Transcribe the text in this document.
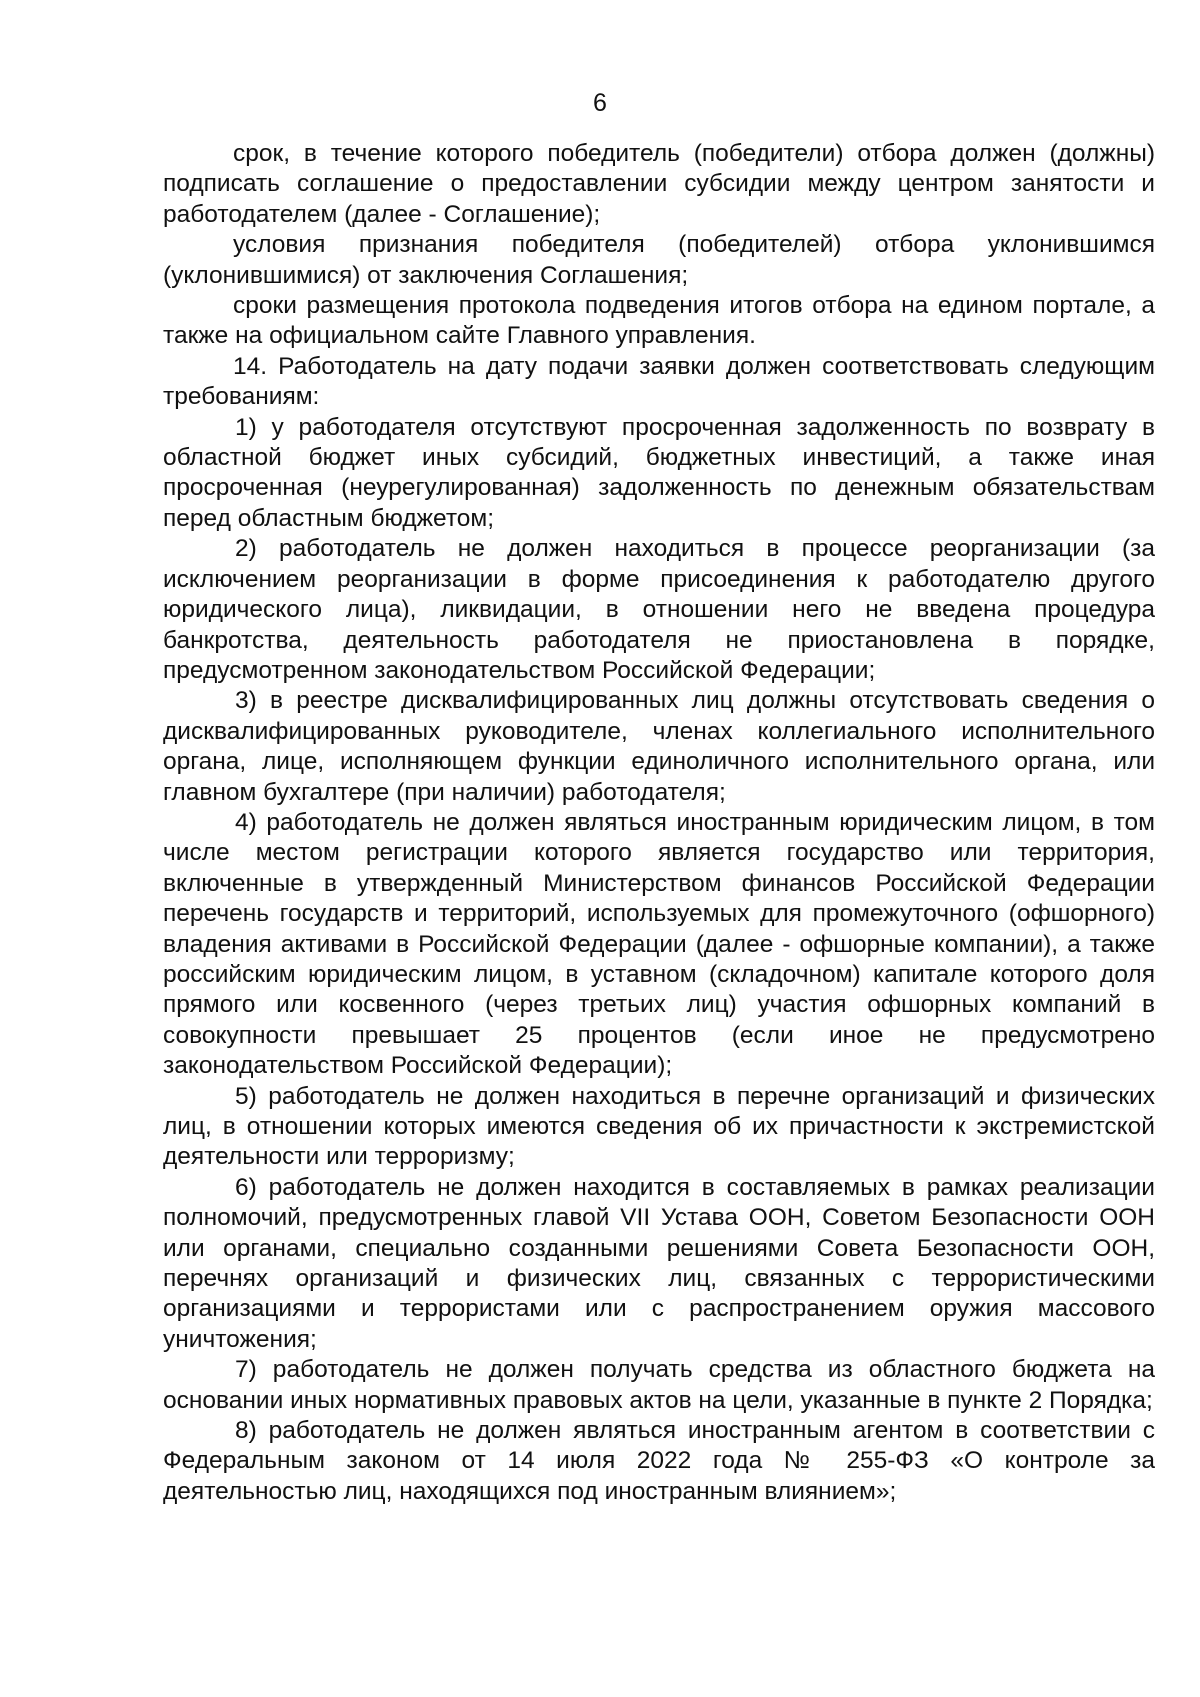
6

срок, в течение которого победитель (победители) отбора должен (должны) подписать соглашение о предоставлении субсидии между центром занятости и работодателем (далее - Соглашение);

условия признания победителя (победителей) отбора уклонившимся (уклонившимися) от заключения Соглашения;

сроки размещения протокола подведения итогов отбора на едином портале, а также на официальном сайте Главного управления.

14. Работодатель на дату подачи заявки должен соответствовать следующим требованиям:

1) у работодателя отсутствуют просроченная задолженность по возврату в областной бюджет иных субсидий, бюджетных инвестиций, а также иная просроченная (неурегулированная) задолженность по денежным обязательствам перед областным бюджетом;

2) работодатель не должен находиться в процессе реорганизации (за исключением реорганизации в форме присоединения к работодателю другого юридического лица), ликвидации, в отношении него не введена процедура банкротства, деятельность работодателя не приостановлена в порядке, предусмотренном законодательством Российской Федерации;

3) в реестре дисквалифицированных лиц должны отсутствовать сведения о дисквалифицированных руководителе, членах коллегиального исполнительного органа, лице, исполняющем функции единоличного исполнительного органа, или главном бухгалтере (при наличии) работодателя;

4) работодатель не должен являться иностранным юридическим лицом, в том числе местом регистрации которого является государство или территория, включенные в утвержденный Министерством финансов Российской Федерации перечень государств и территорий, используемых для промежуточного (офшорного) владения активами в Российской Федерации (далее - офшорные компании), а также российским юридическим лицом, в уставном (складочном) капитале которого доля прямого или косвенного (через третьих лиц) участия офшорных компаний в совокупности превышает 25 процентов (если иное не предусмотрено законодательством Российской Федерации);

5) работодатель не должен находиться в перечне организаций и физических лиц, в отношении которых имеются сведения об их причастности к экстремистской деятельности или терроризму;

6) работодатель не должен находится в составляемых в рамках реализации полномочий, предусмотренных главой VII Устава ООН, Советом Безопасности ООН или органами, специально созданными решениями Совета Безопасности ООН, перечнях организаций и физических лиц, связанных с террористическими организациями и террористами или с распространением оружия массового уничтожения;

7) работодатель не должен получать средства из областного бюджета на основании иных нормативных правовых актов на цели, указанные в пункте 2 Порядка;

8) работодатель не должен являться иностранным агентом в соответствии с Федеральным законом от 14 июля 2022 года № 255-ФЗ «О контроле за деятельностью лиц, находящихся под иностранным влиянием»;
